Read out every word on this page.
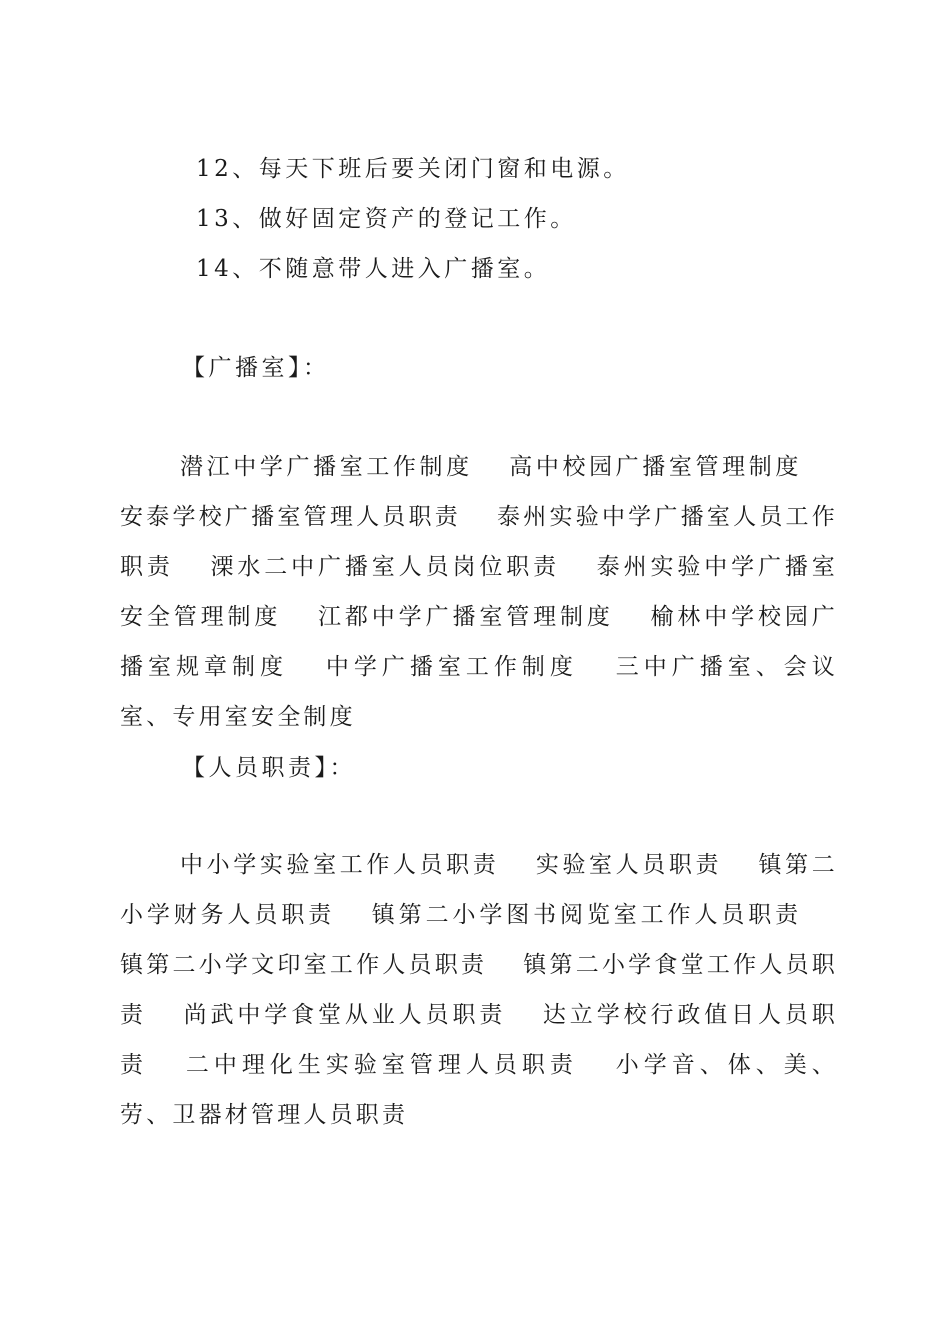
12、每天下班后要关闭门窗和电源。
13、做好固定资产的登记工作。
14、不随意带人进入广播室。
【广播室】：
潜江中学广播室工作制度 高中校园广播室管理制度安泰学校广播室管理人员职责 泰州实验中学广播室人员工作职责 溧水二中广播室人员岗位职责 泰州实验中学广播室安全管理制度 江都中学广播室管理制度 榆林中学校园广播室规章制度 中学广播室工作制度 三中广播室、会议室、专用室安全制度
【人员职责】：
中小学实验室工作人员职责 实验室人员职责 镇第二小学财务人员职责 镇第二小学图书阅览室工作人员职责镇第二小学文印室工作人员职责 镇第二小学食堂工作人员职责 尚武中学食堂从业人员职责 达立学校行政值日人员职责 二中理化生实验室管理人员职责 小学音、体、美、劳、卫器材管理人员职责
